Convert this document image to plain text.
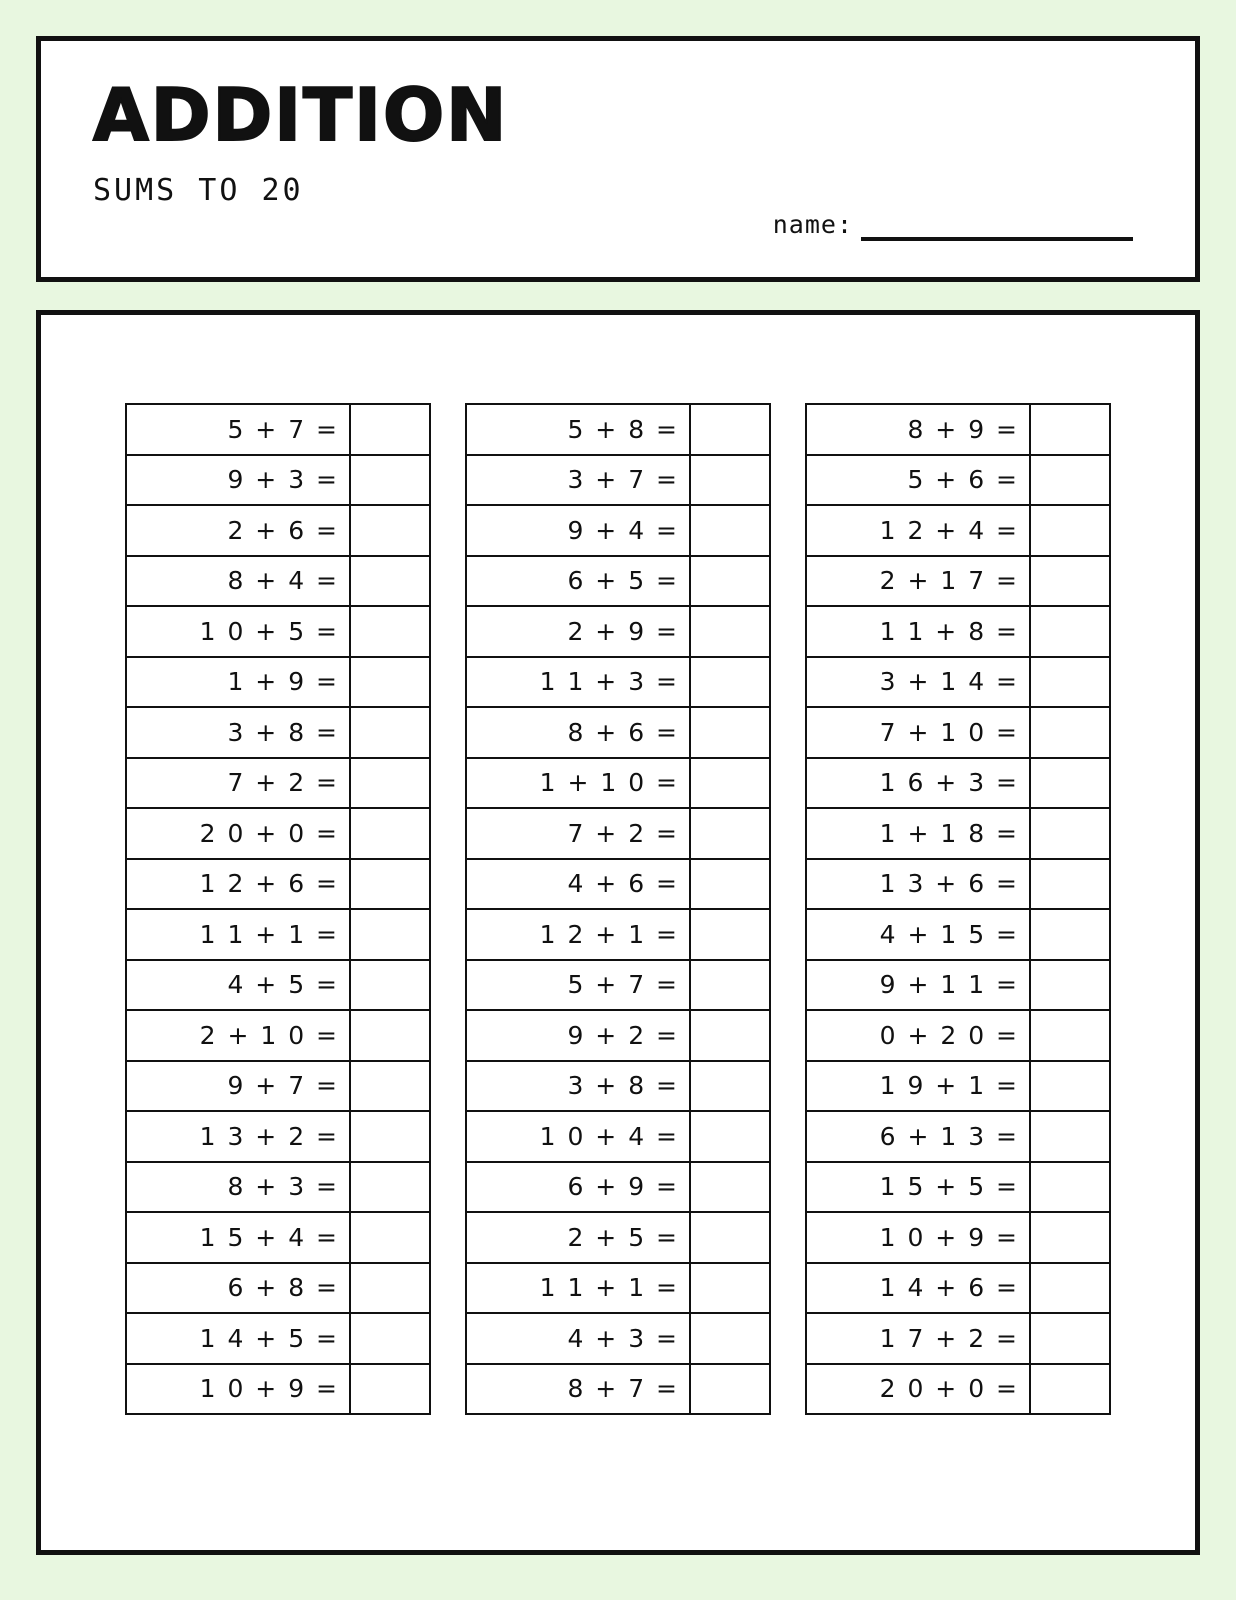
ADDITION
SUMS TO 20
name:
5 + 7 =
9 + 3 =
2 + 6 =
8 + 4 =
1 0 + 5 =
1 + 9 =
3 + 8 =
7 + 2 =
2 0 + 0 =
1 2 + 6 =
1 1 + 1 =
4 + 5 =
2 + 1 0 =
9 + 7 =
1 3 + 2 =
8 + 3 =
1 5 + 4 =
6 + 8 =
1 4 + 5 =
1 0 + 9 =
5 + 8 =
3 + 7 =
9 + 4 =
6 + 5 =
2 + 9 =
1 1 + 3 =
8 + 6 =
1 + 1 0 =
7 + 2 =
4 + 6 =
1 2 + 1 =
5 + 7 =
9 + 2 =
3 + 8 =
1 0 + 4 =
6 + 9 =
2 + 5 =
1 1 + 1 =
4 + 3 =
8 + 7 =
8 + 9 =
5 + 6 =
1 2 + 4 =
2 + 1 7 =
1 1 + 8 =
3 + 1 4 =
7 + 1 0 =
1 6 + 3 =
1 + 1 8 =
1 3 + 6 =
4 + 1 5 =
9 + 1 1 =
0 + 2 0 =
1 9 + 1 =
6 + 1 3 =
1 5 + 5 =
1 0 + 9 =
1 4 + 6 =
1 7 + 2 =
2 0 + 0 =
